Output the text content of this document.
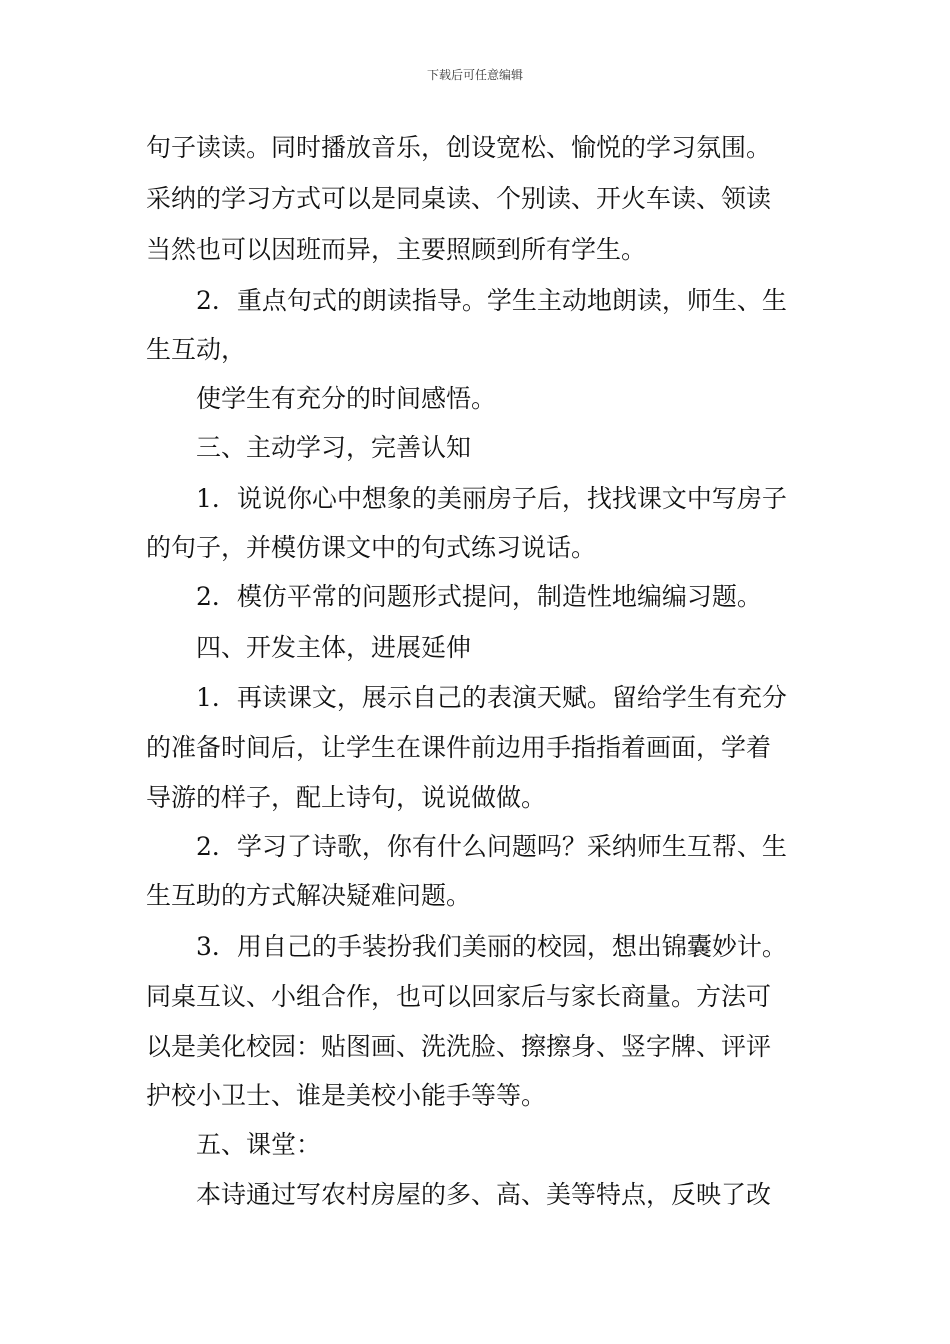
下载后可任意编辑
句子读读。同时播放音乐，创设宽松、愉悦的学习氛围。
采纳的学习方式可以是同桌读、个别读、开火车读、领读
当然也可以因班而异，主要照顾到所有学生。
2．重点句式的朗读指导。学生主动地朗读，师生、生
生互动，
使学生有充分的时间感悟。
三、主动学习，完善认知
1．说说你心中想象的美丽房子后，找找课文中写房子
的句子，并模仿课文中的句式练习说话。
2．模仿平常的问题形式提问，制造性地编编习题。
四、开发主体，进展延伸
1．再读课文，展示自己的表演天赋。留给学生有充分
的准备时间后，让学生在课件前边用手指指着画面，学着
导游的样子，配上诗句，说说做做。
2．学习了诗歌，你有什么问题吗？采纳师生互帮、生
生互助的方式解决疑难问题。
3．用自己的手装扮我们美丽的校园，想出锦囊妙计。
同桌互议、小组合作，也可以回家后与家长商量。方法可
以是美化校园：贴图画、洗洗脸、擦擦身、竖字牌、评评
护校小卫士、谁是美校小能手等等。
五、课堂：
本诗通过写农村房屋的多、高、美等特点，反映了改
